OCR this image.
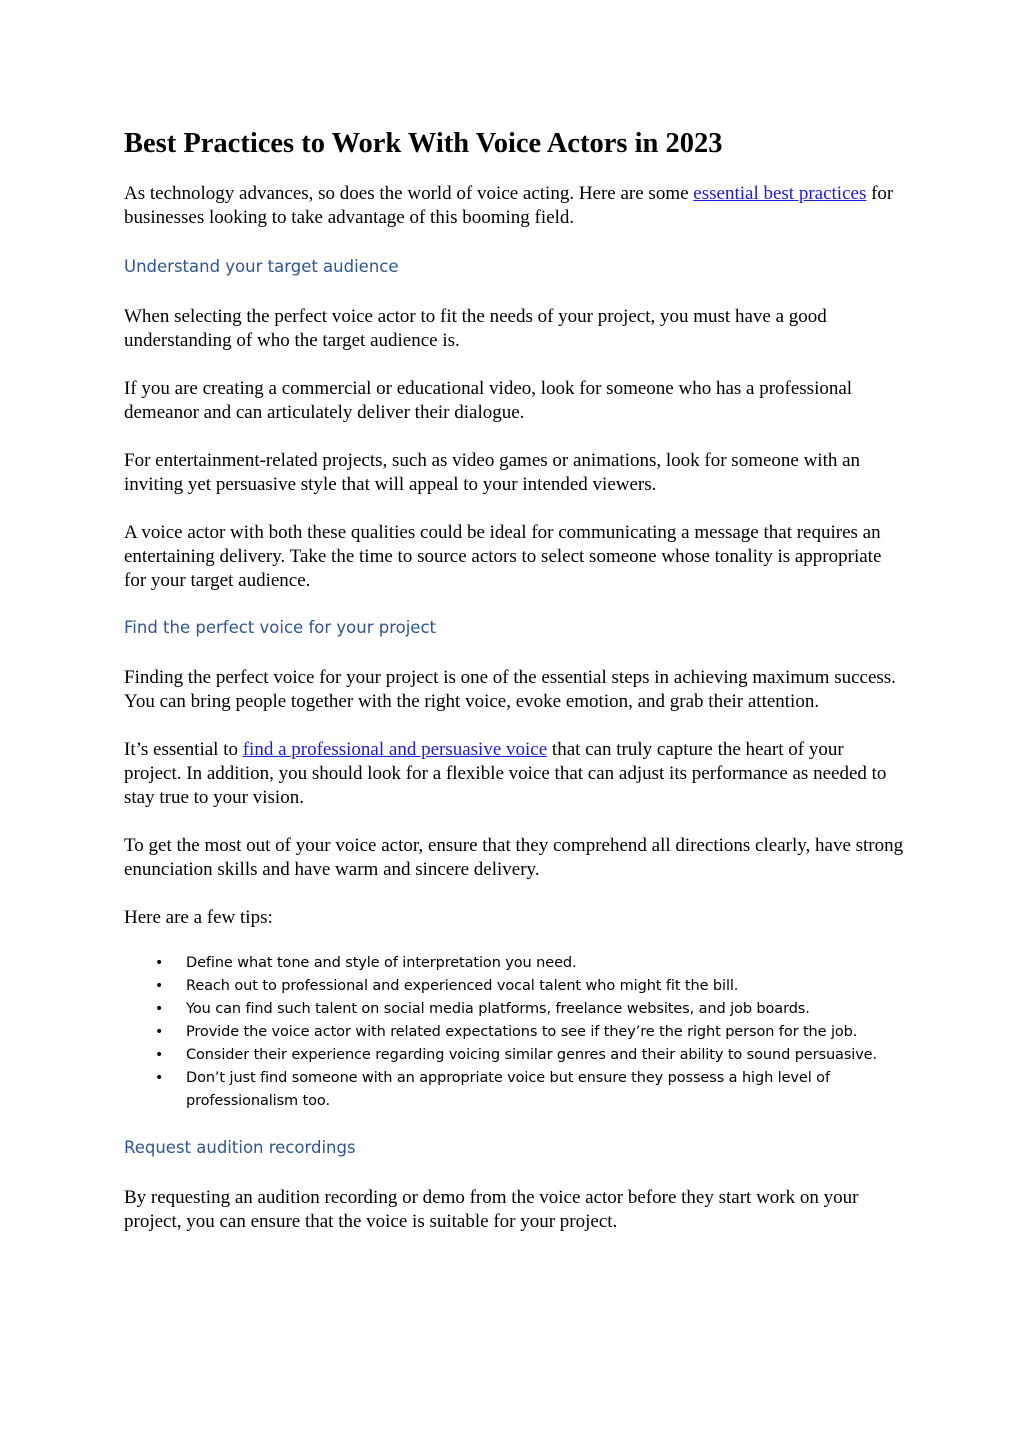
Best Practices to Work With Voice Actors in 2023

As technology advances, so does the world of voice acting. Here are some essential best practices for businesses looking to take advantage of this booming field.

Understand your target audience

When selecting the perfect voice actor to fit the needs of your project, you must have a good understanding of who the target audience is.

If you are creating a commercial or educational video, look for someone who has a professional demeanor and can articulately deliver their dialogue.

For entertainment-related projects, such as video games or animations, look for someone with an inviting yet persuasive style that will appeal to your intended viewers.

A voice actor with both these qualities could be ideal for communicating a message that requires an entertaining delivery. Take the time to source actors to select someone whose tonality is appropriate for your target audience.

Find the perfect voice for your project

Finding the perfect voice for your project is one of the essential steps in achieving maximum success. You can bring people together with the right voice, evoke emotion, and grab their attention.

It’s essential to find a professional and persuasive voice that can truly capture the heart of your project. In addition, you should look for a flexible voice that can adjust its performance as needed to stay true to your vision.

To get the most out of your voice actor, ensure that they comprehend all directions clearly, have strong enunciation skills and have warm and sincere delivery.

Here are a few tips:

• Define what tone and style of interpretation you need.
• Reach out to professional and experienced vocal talent who might fit the bill.
• You can find such talent on social media platforms, freelance websites, and job boards.
• Provide the voice actor with related expectations to see if they’re the right person for the job.
• Consider their experience regarding voicing similar genres and their ability to sound persuasive.
• Don’t just find someone with an appropriate voice but ensure they possess a high level of professionalism too.
Request audition recordings

By requesting an audition recording or demo from the voice actor before they start work on your project, you can ensure that the voice is suitable for your project.
